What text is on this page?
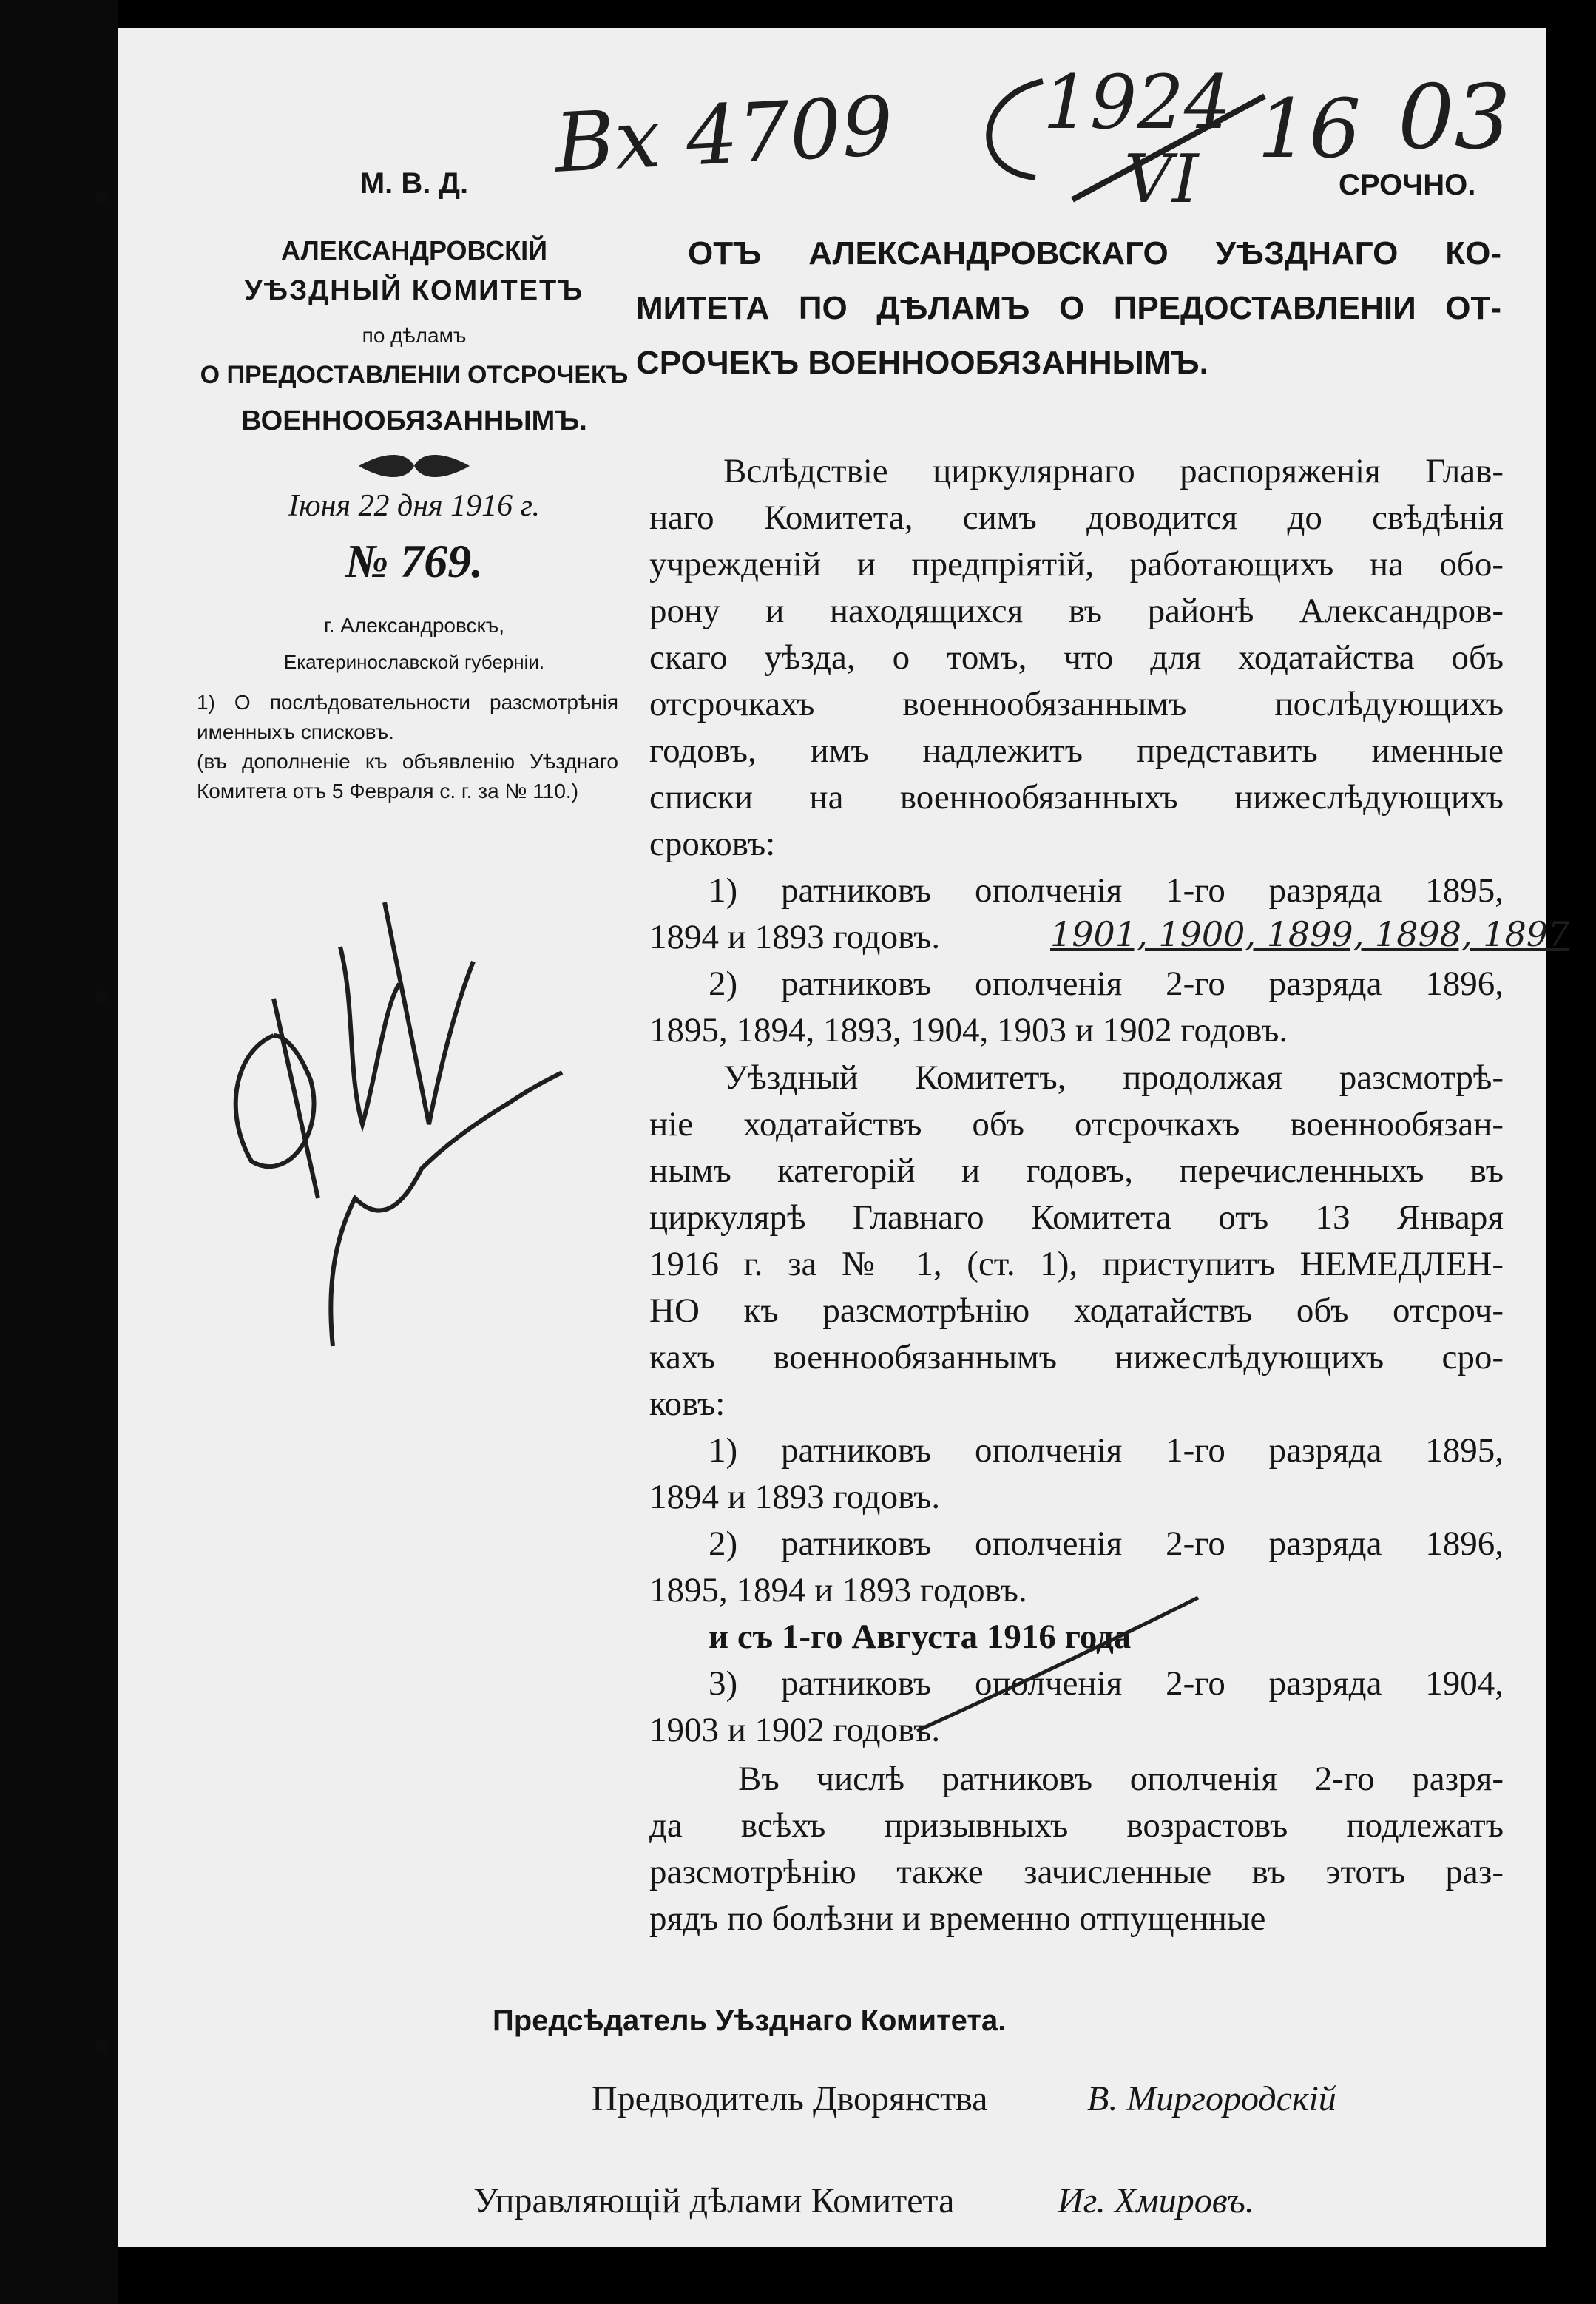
Вх 4709 1924
VI
16 03
СРОЧНО.
М. В. Д.
АЛЕКСАНДРОВСКІЙ
УѢЗДНЫЙ КОМИТЕТЪ
по дѣламъ
О ПРЕДОСТАВЛЕНІИ ОТСРОЧЕКЪ
ВОЕННООБЯЗАННЫМЪ.
Іюня 22 дня 1916 г.
№ 769.
г. Александровскъ,
Екатеринославской губерніи.
1) О послѣдовательности разсмотрѣнія именныхъ списковъ.
(въ дополненіе къ объявленію Уѣзднаго Комитета отъ 5 Февраля с. г. за № 110.)
ОТЪ АЛЕКСАНДРОВСКАГО УѢЗДНАГО КО-
МИТЕТА ПО ДѢЛАМЪ О ПРЕДОСТАВЛЕНІИ ОТ-
СРОЧЕКЪ ВОЕННООБЯЗАННЫМЪ.
Вслѣдствіе циркулярнаго распоряженія Глав-
наго Комитета, симъ доводится до свѣдѣнія
учрежденій и предпріятій, работающихъ на обо-
рону и находящихся въ районѣ Александров-
скаго уѣзда, о томъ, что для ходатайства объ
отсрочкахъ военнообязаннымъ послѣдующихъ
годовъ, имъ надлежитъ представить именные
списки на военнообязанныхъ нижеслѣдующихъ
сроковъ:
1) ратниковъ ополченія 1-го разряда 1895,
1894 и 1893 годовъ.	1901, 1900, 1899, 1898, 1897
2) ратниковъ ополченія 2-го разряда 1896,
1895, 1894, 1893, 1904, 1903 и 1902 годовъ.
Уѣздный Комитетъ, продолжая разсмотрѣ-
ніе ходатайствъ объ отсрочкахъ военнообязан-
нымъ категорій и годовъ, перечисленныхъ въ
циркулярѣ Главнаго Комитета отъ 13 Января
1916 г. за № 1, (ст. 1), приступитъ НЕМЕДЛЕН-
НО къ разсмотрѣнію ходатайствъ объ отсроч-
кахъ военнообязаннымъ нижеслѣдующихъ сро-
ковъ:
1) ратниковъ ополченія 1-го разряда 1895,
1894 и 1893 годовъ.
2) ратниковъ ополченія 2-го разряда 1896,
1895, 1894 и 1893 годовъ.
и съ 1-го Августа 1916 года
3) ратниковъ ополченія 2-го разряда 1904,
1903 и 1902 годовъ.
Въ числѣ ратниковъ ополченія 2-го разря-
да всѣхъ призывныхъ возрастовъ подлежатъ
разсмотрѣнію также зачисленные въ этотъ раз-
рядъ по болѣзни и временно отпущенные
Предсѣдатель Уѣзднаго Комитета.
Предводитель Дворянства	В. Миргородскій
Управляющій дѣлами Комитета	Иг. Хмировъ.
